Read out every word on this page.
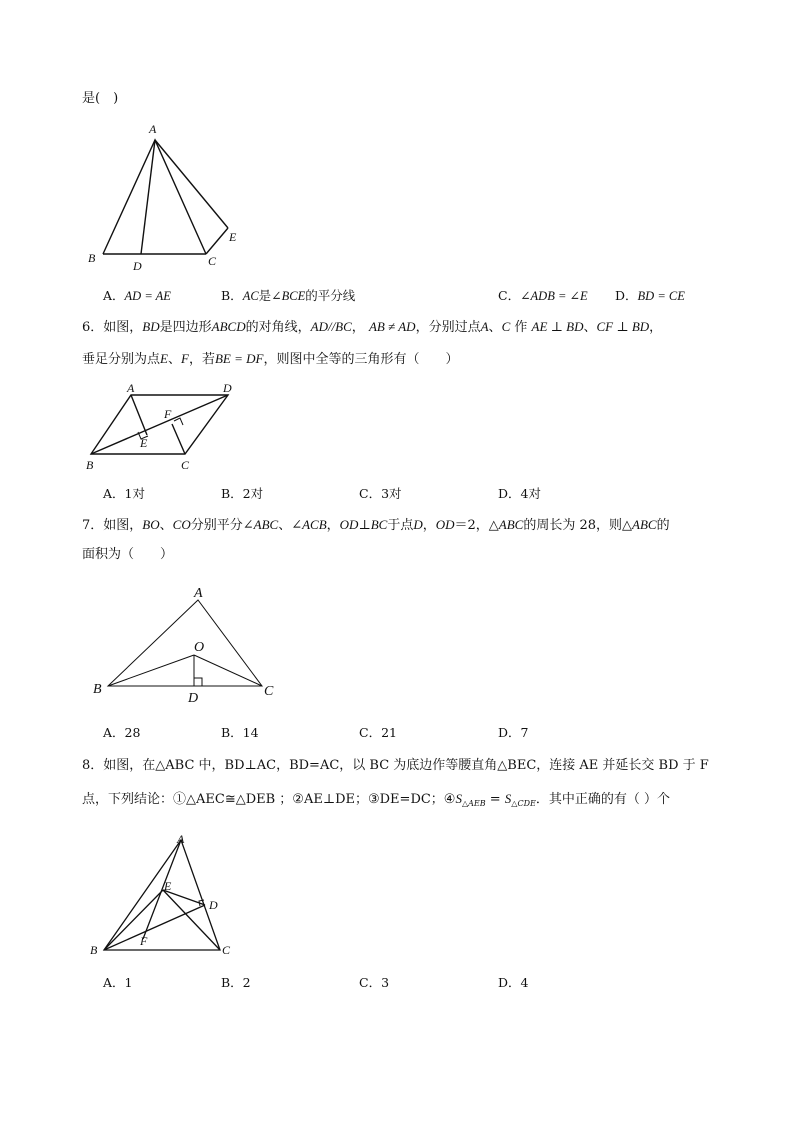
是(　)
A
B
D	C
E
A．AD = AE	B．AC是∠BCE的平分线	C．∠ADB = ∠E D．BD = CE
6．如图，BD是四边形ABCD的对角线，AD//BC， AB ≠ AD，分别过点A、C 作 AE ⊥ BD、CF ⊥ BD，
垂足分别为点E、F，若BE = DF，则图中全等的三角形有（　　）
A	D
F
E
B	C
A．1对	B．2对	C．3对	D．4对
7．如图，BO、CO分别平分∠ABC、∠ACB，OD⊥BC于点D，OD＝2，△ABC的周长为 28，则△ABC的
面积为（　　）
A
O
B
D	C
A．28	B．14	C．21	D．7
8．如图，在△ABC 中，BD⊥AC，BD=AC，以 BC 为底边作等腰直角△BEC，连接 AE 并延长交 BD 于 F
点，下列结论：①△AEC≅△DEB ；②AE⊥DE；③DE=DC；$④S_{\triangle AEB} = S_{\triangle CDE}$．其中正确的有（ ）个
A
E
D
F
B	C
A．1	B．2	C．3	D．4
